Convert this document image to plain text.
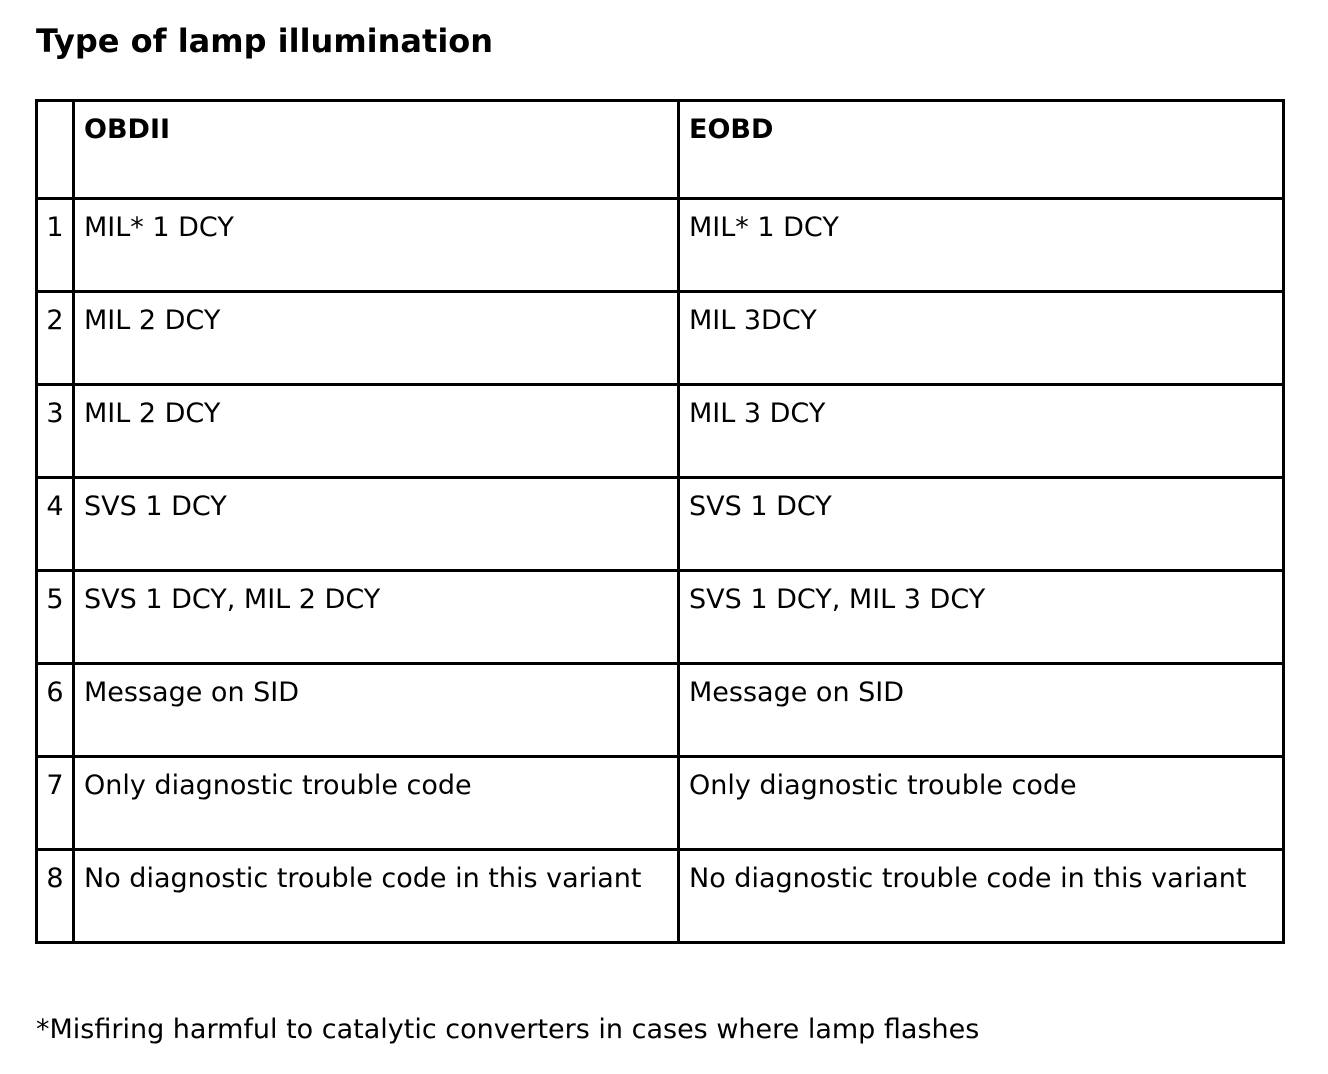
Type of lamp illumination
	OBDII	EOBD
1	MIL* 1 DCY	MIL* 1 DCY
2	MIL 2 DCY	MIL 3DCY
3	MIL 2 DCY	MIL 3 DCY
4	SVS 1 DCY	SVS 1 DCY
5	SVS 1 DCY, MIL 2 DCY	SVS 1 DCY, MIL 3 DCY
6	Message on SID	Message on SID
7	Only diagnostic trouble code	Only diagnostic trouble code
8	No diagnostic trouble code in this variant	No diagnostic trouble code in this variant

*Misfiring harmful to catalytic converters in cases where lamp flashes
